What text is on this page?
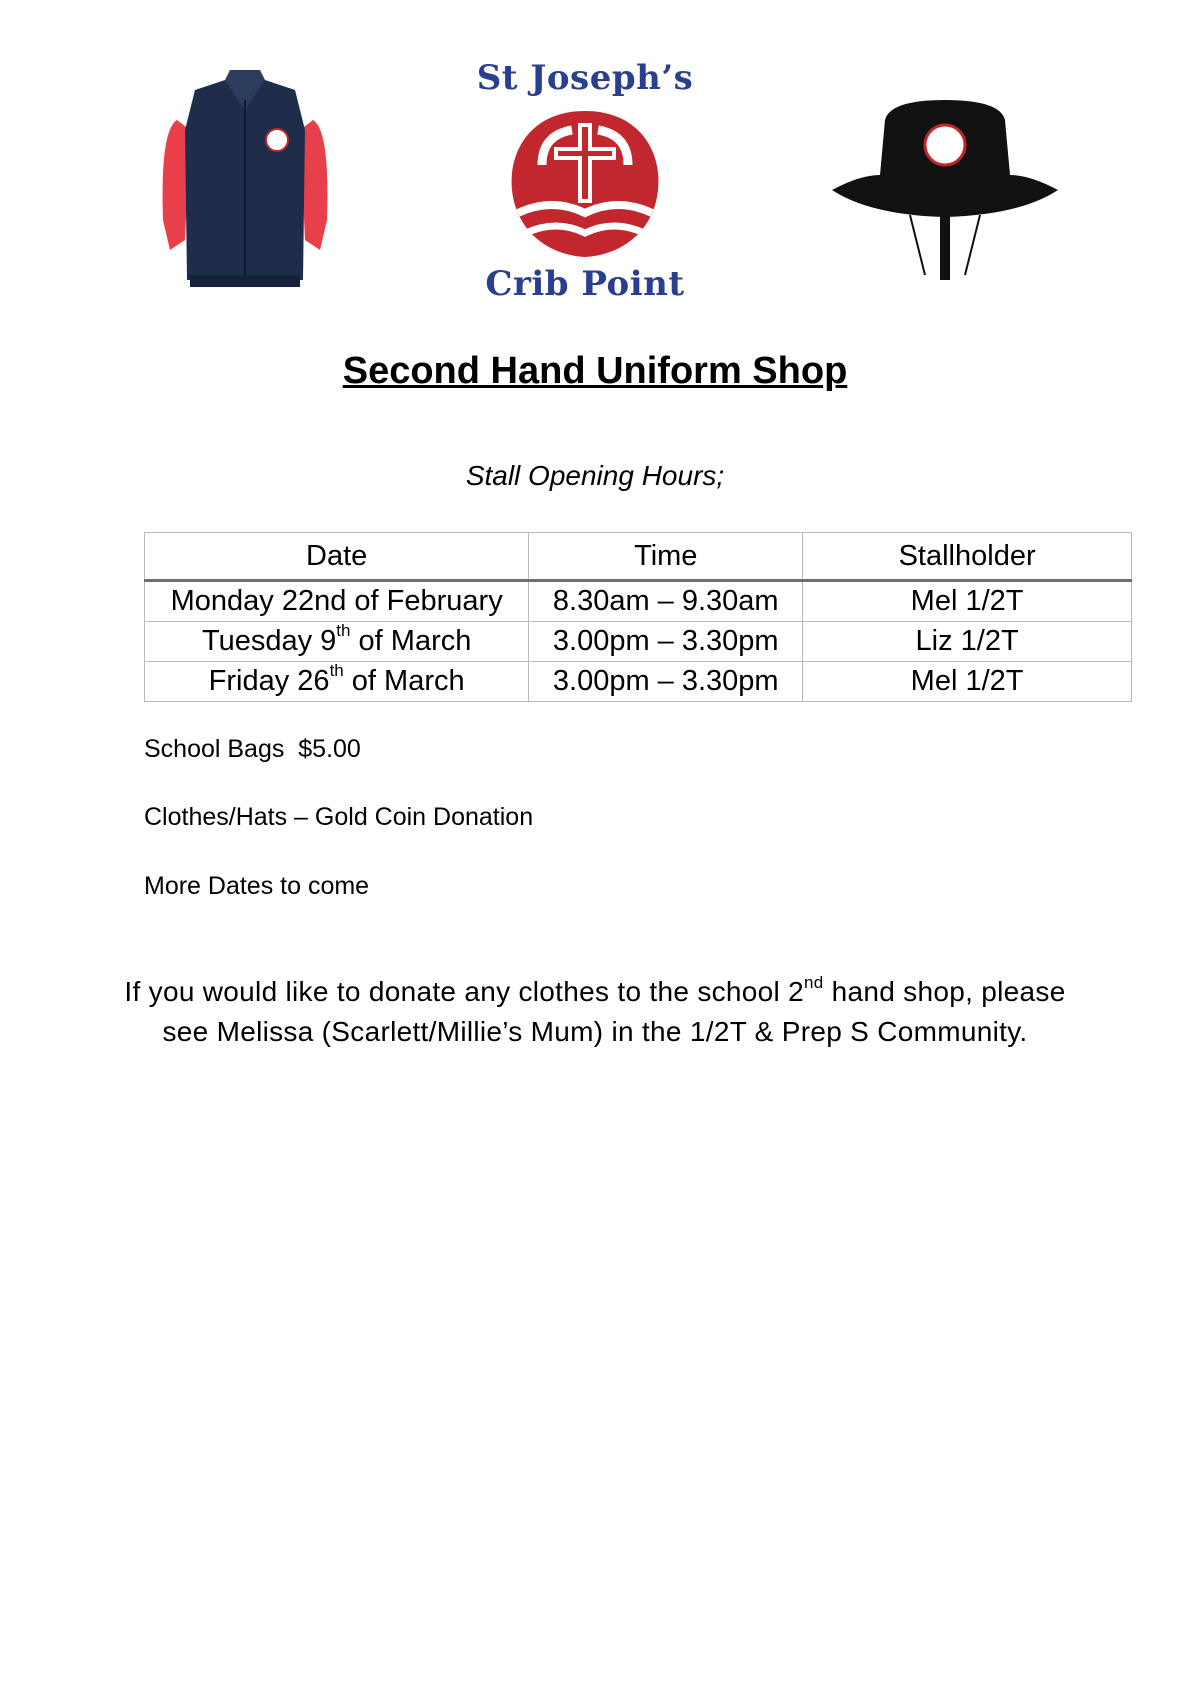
St Joseph’s
Crib Point
Second Hand Uniform Shop
Stall Opening Hours;
Date	Time	Stallholder
Monday 22nd of February	8.30am – 9.30am	Mel 1/2T
Tuesday 9th of March	3.00pm – 3.30pm	Liz 1/2T
Friday 26th of March	3.00pm – 3.30pm	Mel 1/2T
School Bags  $5.00
Clothes/Hats – Gold Coin Donation
More Dates to come
If you would like to donate any clothes to the school 2nd hand shop, please
see Melissa (Scarlett/Millie’s Mum) in the 1/2T & Prep S Community.
